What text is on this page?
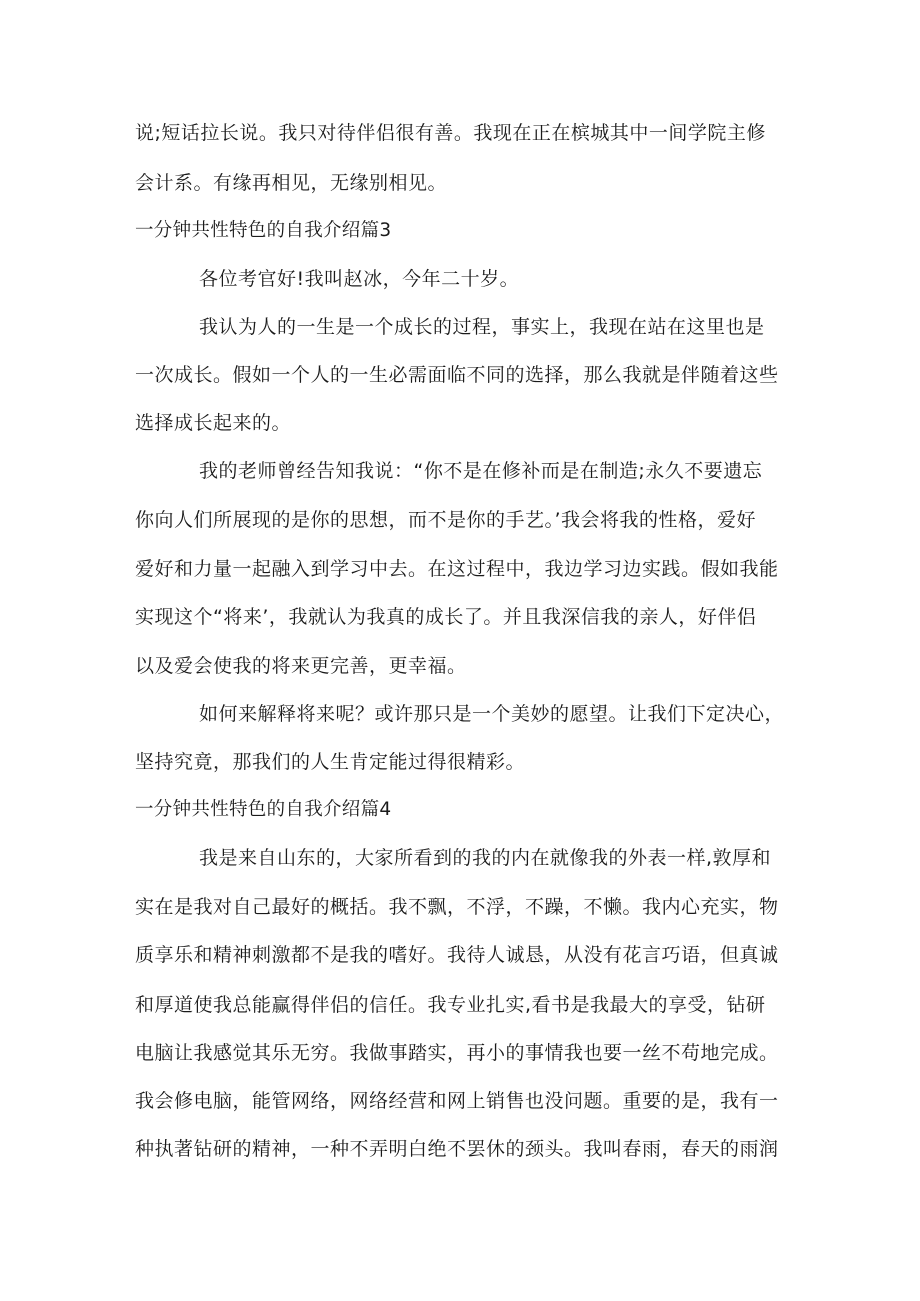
说;短话拉长说。我只对待伴侣很有善。我现在正在槟城其中一间学院主修

会计系。有缘再相见，无缘别相见。

一分钟共性特色的自我介绍篇3

各位考官好!我叫赵冰，今年二十岁。

我认为人的一生是一个成长的过程，事实上，我现在站在这里也是

一次成长。假如一个人的一生必需面临不同的选择，那么我就是伴随着这些

选择成长起来的。

我的老师曾经告知我说：“你不是在修补而是在制造;永久不要遗忘

你向人们所展现的是你的思想，而不是你的手艺。’我会将我的性格，爱好

爱好和力量一起融入到学习中去。在这过程中，我边学习边实践。假如我能

实现这个“将来’，我就认为我真的成长了。并且我深信我的亲人，好伴侣

以及爱会使我的将来更完善，更幸福。

如何来解释将来呢？或许那只是一个美妙的愿望。让我们下定决心，

坚持究竟，那我们的人生肯定能过得很精彩。

一分钟共性特色的自我介绍篇4

我是来自山东的，大家所看到的我的内在就像我的外表一样,敦厚和

实在是我对自己最好的概括。我不飘，不浮，不躁，不懒。我内心充实，物

质享乐和精神刺激都不是我的嗜好。我待人诚恳，从没有花言巧语，但真诚

和厚道使我总能赢得伴侣的信任。我专业扎实,看书是我最大的享受，钻研

电脑让我感觉其乐无穷。我做事踏实，再小的事情我也要一丝不苟地完成。

我会修电脑，能管网络，网络经营和网上销售也没问题。重要的是，我有一

种执著钻研的精神，一种不弄明白绝不罢休的颈头。我叫春雨，春天的雨润
